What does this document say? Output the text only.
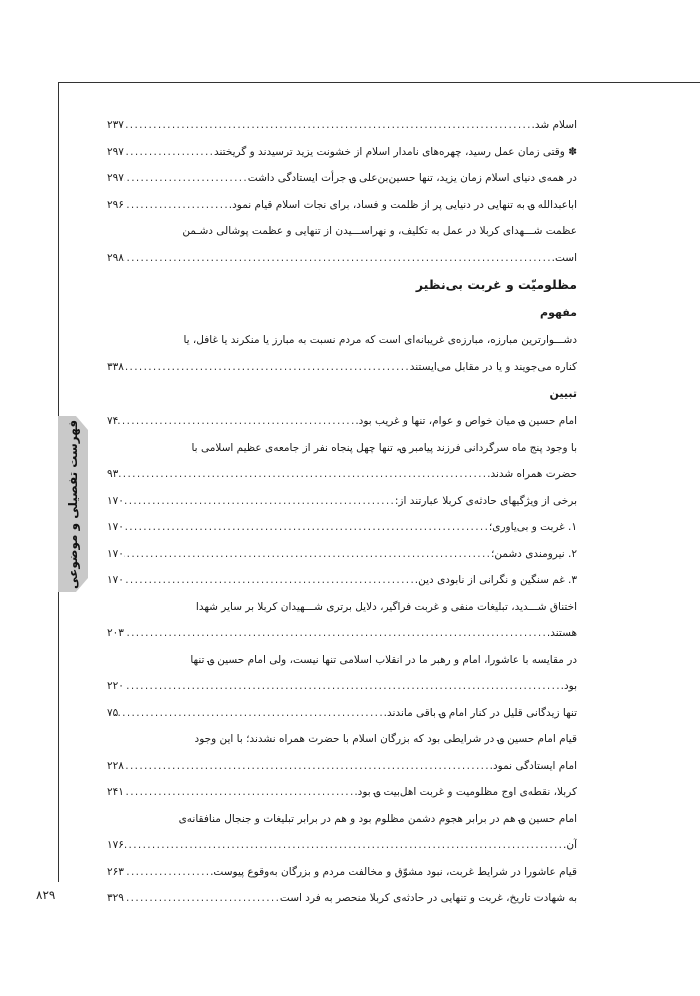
فهرست تفصیلی و موضوعی
۸۲۹
اسلام شد.
. . .
۲۳۷
✽ وقتی زمان عمل رسید، چهره‌های نامدار اسلام از خشونت یزید ترسیدند و گریختند
. . .
۲۹۷
در همه‌ی دنیای اسلام زمان یزید، تنها حسین‌بن‌علی ؈ جرأت ایستادگی داشت
. . .
۲۹۷
اباعبدالله ؈ به تنهایی در دنیایی پر از ظلمت و فساد، برای نجات اسلام قیام نمود.
. . .
۲۹۶
عظمت شـــهدای کربلا در عمل به تکلیف، و نهراســـیدن از تنهایی و عظمت پوشالی دشـمن
است.
. . .
۲۹۸
مظلومیّت و غربت بی‌نظیر
مفهوم
دشـــوارترین مبارزه، مبارزه‌ی غریبانه‌ای است که مردم نسبت به مبارز یا منکرند یا غافل، یا
کناره می‌جویند و یا در مقابل می‌ایستند
. . .
۳۳۸
تبیین
امام حسین ؈ میان خواص و عوام، تنها و غریب بود.
. . .
۷۴
با وجود پنج ماه سرگردانی فرزند پیامبر ؈، تنها چهل پنجاه نفر از جامعه‌ی عظیم اسلامی با
حضرت همراه شدند.
. . .
۹۳
برخی از ویژگیهای حادثه‌ی کربلا عبارتند از:
. . .
۱۷۰
۱. غربت و بی‌یاوری؛
. . .
۱۷۰
۲. نیرومندی دشمن؛
. . .
۱۷۰
۳. غم سنگین و نگرانی از نابودی دین.
. . .
۱۷۰
اختناق شـــدید، تبلیغات منفی و غربت فراگیر، دلایل برتری شـــهیدان کربلا بر سایر شهدا
هستند.
. . .
۲۰۳
در مقایسه با عاشورا، امام و رهبر ما در انقلاب اسلامی تنها نیست، ولی امام حسین ؈ تنها
بود.
. . .
۲۲۰
تنها زیدگانی قلیل در کنار امام ؈ باقی ماندند.
. . .
۷۵
قیام امام حسین ؈ در شرایطی بود که بزرگان اسلام با حضرت همراه نشدند؛ با این وجود
امام ایستادگی نمود.
. . .
۲۲۸
کربلا، نقطه‌ی اوج مظلومیت و غربت اهل‌بیت ؈ بود.
. . .
۲۴۱
امام حسین ؈ هم در برابر هجوم دشمن مظلوم بود و هم در برابر تبلیغات و جنجال منافقانه‌ی
آن.
. . .
۱۷۶
قیام عاشورا در شرایط غربت، نبود مشوّق و مخالفت مردم و بزرگان به‌وقوع پیوست.
. . .
۲۶۳
به شهادت تاریخ، غربت و تنهایی در حادثه‌ی کربلا منحصر به فرد است
. . .
۳۲۹
